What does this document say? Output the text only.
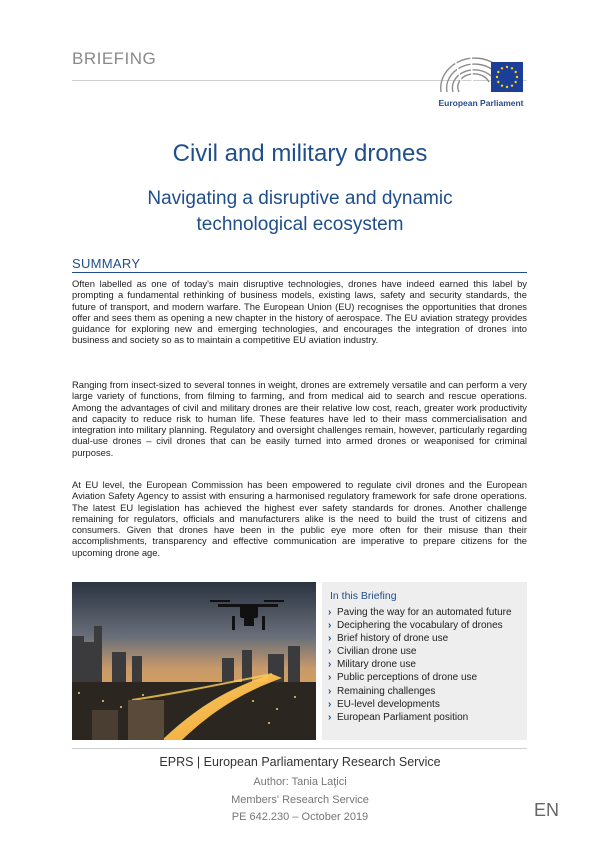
BRIEFING
European Parliament
Civil and military drones
Navigating a disruptive and dynamic technological ecosystem
SUMMARY

Often labelled as one of today's main disruptive technologies, drones have indeed earned this label by prompting a fundamental rethinking of business models, existing laws, safety and security standards, the future of transport, and modern warfare. The European Union (EU) recognises the opportunities that drones offer and sees them as opening a new chapter in the history of aerospace. The EU aviation strategy provides guidance for exploring new and emerging technologies, and encourages the integration of drones into business and society so as to maintain a competitive EU aviation industry.

Ranging from insect-sized to several tonnes in weight, drones are extremely versatile and can perform a very large variety of functions, from filming to farming, and from medical aid to search and rescue operations. Among the advantages of civil and military drones are their relative low cost, reach, greater work productivity and capacity to reduce risk to human life. These features have led to their mass commercialisation and integration into military planning. Regulatory and oversight challenges remain, however, particularly regarding dual-use drones – civil drones that can be easily turned into armed drones or weaponised for criminal purposes.

At EU level, the European Commission has been empowered to regulate civil drones and the European Aviation Safety Agency to assist with ensuring a harmonised regulatory framework for safe drone operations. The latest EU legislation has achieved the highest ever safety standards for drones. Another challenge remaining for regulators, officials and manufacturers alike is the need to build the trust of citizens and consumers. Given that drones have been in the public eye more often for their misuse than their accomplishments, transparency and effective communication are imperative to prepare citizens for the upcoming drone age.

In this Briefing
› Paving the way for an automated future
› Deciphering the vocabulary of drones
› Brief history of drone use
› Civilian drone use
› Military drone use
› Public perceptions of drone use
› Remaining challenges
› EU-level developments
› European Parliament position
EPRS | European Parliamentary Research Service
Author: Tania Laţici
Members' Research Service
PE 642.230 – October 2019	EN
